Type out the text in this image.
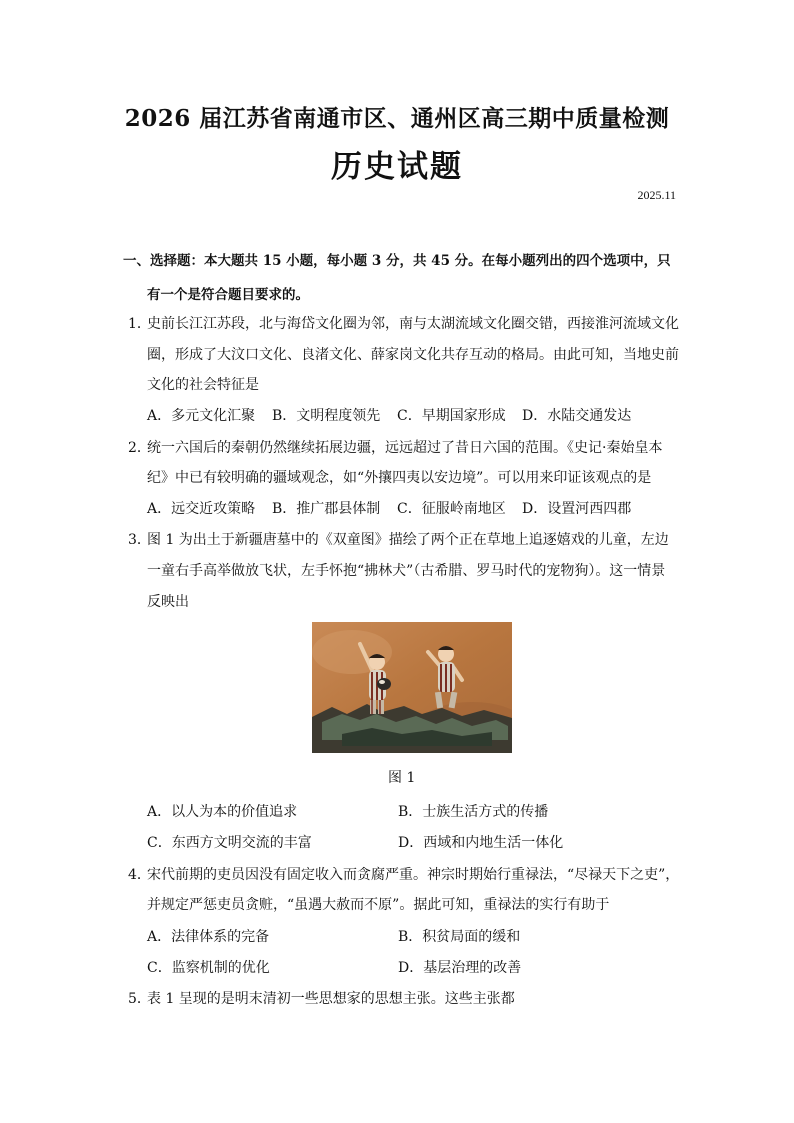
2026 届江苏省南通市区、通州区高三期中质量检测
历史试题
2025.11
一、选择题：本大题共 15 小题，每小题 3 分，共 45 分。在每小题列出的四个选项中，只
有一个是符合题目要求的。
1．
史前长江江苏段，北与海岱文化圈为邻，南与太湖流域文化圈交错，西接淮河流域文化
圈，形成了大汶口文化、良渚文化、薛家岗文化共存互动的格局。由此可知，当地史前
文化的社会特征是
A．多元文化汇聚 B．文明程度领先 C．早期国家形成 D．水陆交通发达
2．
统一六国后的秦朝仍然继续拓展边疆，远远超过了昔日六国的范围。《史记·秦始皇本
纪》中已有较明确的疆域观念，如“外攘四夷以安边境”。可以用来印证该观点的是
A．远交近攻策略 B．推广郡县体制 C．征服岭南地区 D．设置河西四郡
3．
图 1 为出土于新疆唐墓中的《双童图》描绘了两个正在草地上追逐嬉戏的儿童，左边
一童右手高举做放飞状，左手怀抱“拂林犬”（古希腊、罗马时代的宠物狗）。这一情景
反映出
图 1
A．以人为本的价值追求	B．士族生活方式的传播
C．东西方文明交流的丰富	D．西域和内地生活一体化
4．
宋代前期的吏员因没有固定收入而贪腐严重。神宗时期始行重禄法，“尽禄天下之吏”，
并规定严惩吏员贪赃，“虽遇大赦而不原”。据此可知，重禄法的实行有助于
A．法律体系的完备	B．积贫局面的缓和
C．监察机制的优化	D．基层治理的改善
5．
表 1 呈现的是明末清初一些思想家的思想主张。这些主张都
